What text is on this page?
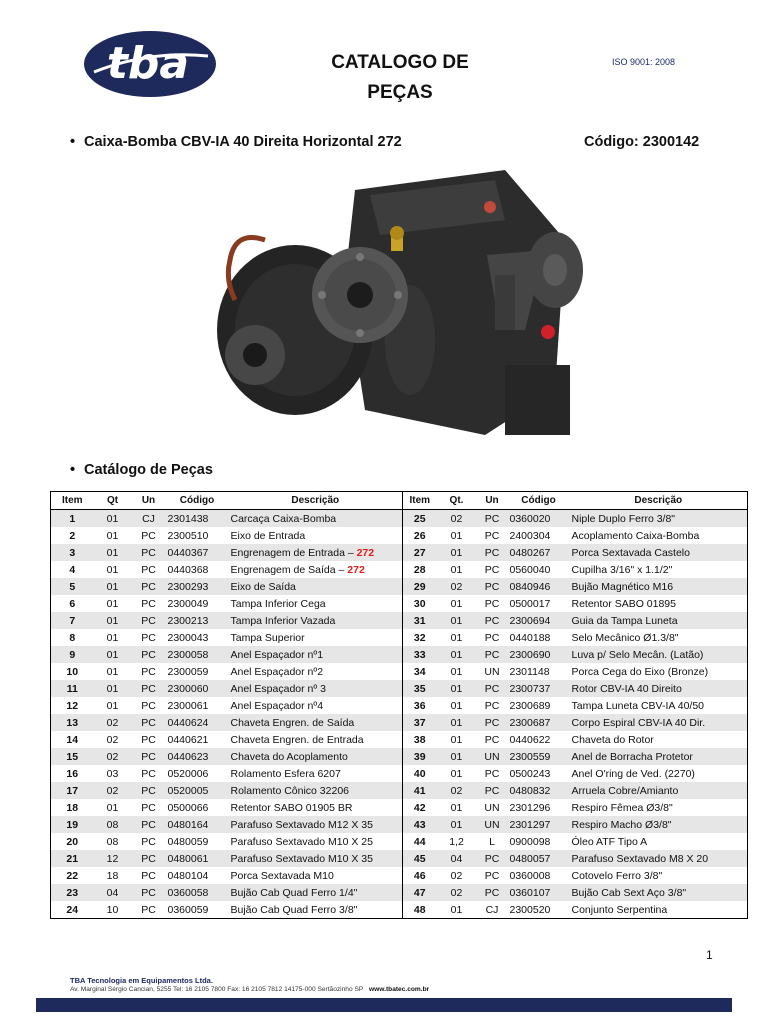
tba	CATALOGO DE
PEÇAS
ISO 9001: 2008
• Caixa-Bomba CBV-IA 40 Direita Horizontal 272	Código: 2300142
• Catálogo de Peças
Item	Qt	Un	Código	Descrição	Item	Qt.	Un	Código	Descrição
1	01	CJ	2301438	Carcaça Caixa-Bomba	25	02	PC	0360020	Niple Duplo Ferro 3/8"
2	01	PC	2300510	Eixo de Entrada	26	01	PC	2400304	Acoplamento Caixa-Bomba
3	01	PC	0440367	Engrenagem de Entrada – 272	27	01	PC	0480267	Porca Sextavada Castelo
4	01	PC	0440368	Engrenagem de Saída – 272	28	01	PC	0560040	Cupilha 3/16" x 1.1/2"
5	01	PC	2300293	Eixo de Saída	29	02	PC	0840946	Bujão Magnético M16
6	01	PC	2300049	Tampa Inferior Cega	30	01	PC	0500017	Retentor SABO 01895
7	01	PC	2300213	Tampa Inferior Vazada	31	01	PC	2300694	Guia da Tampa Luneta
8	01	PC	2300043	Tampa Superior	32	01	PC	0440188	Selo Mecânico Ø1.3/8"
9	01	PC	2300058	Anel Espaçador nº1	33	01	PC	2300690	Luva p/ Selo Mecân. (Latão)
10	01	PC	2300059	Anel Espaçador nº2	34	01	UN	2301148	Porca Cega do Eixo (Bronze)
11	01	PC	2300060	Anel Espaçador nº 3	35	01	PC	2300737	Rotor CBV-IA 40 Direito
12	01	PC	2300061	Anel Espaçador nº4	36	01	PC	2300689	Tampa Luneta CBV-IA 40/50
13	02	PC	0440624	Chaveta Engren. de Saída	37	01	PC	2300687	Corpo Espiral CBV-IA 40 Dir.
14	02	PC	0440621	Chaveta Engren. de Entrada	38	01	PC	0440622	Chaveta do Rotor
15	02	PC	0440623	Chaveta do Acoplamento	39	01	UN	2300559	Anel de Borracha Protetor
16	03	PC	0520006	Rolamento Esfera 6207	40	01	PC	0500243	Anel O'ring de Ved. (2270)
17	02	PC	0520005	Rolamento Cônico 32206	41	02	PC	0480832	Arruela Cobre/Amianto
18	01	PC	0500066	Retentor SABO 01905 BR	42	01	UN	2301296	Respiro Fêmea Ø3/8"
19	08	PC	0480164	Parafuso Sextavado M12 X 35	43	01	UN	2301297	Respiro Macho Ø3/8"
20	08	PC	0480059	Parafuso Sextavado M10 X 25	44	1,2	L	0900098	Óleo ATF Tipo A
21	12	PC	0480061	Parafuso Sextavado M10 X 35	45	04	PC	0480057	Parafuso Sextavado M8 X 20
22	18	PC	0480104	Porca Sextavada M10	46	02	PC	0360008	Cotovelo Ferro 3/8"
23	04	PC	0360058	Bujão Cab Quad Ferro 1/4"	47	02	PC	0360107	Bujão Cab Sext Aço 3/8"
24	10	PC	0360059	Bujão Cab Quad Ferro 3/8"	48	01	CJ	2300520	Conjunto Serpentina
1
TBA Tecnologia em Equipamentos Ltda.
Av. Marginal Sérgio Cancian, 5255 Tel: 16 2105 7800 Fax: 16 2105 7812 14175-000 Sertãozinho SP www.tbatec.com.br
